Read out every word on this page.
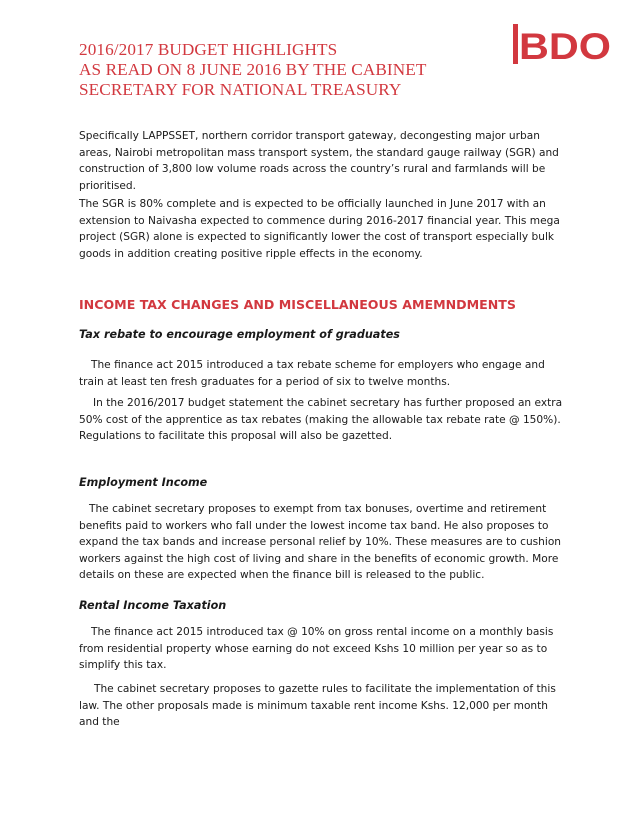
2016/2017 BUDGET HIGHLIGHTS
AS READ ON 8 JUNE 2016 BY THE CABINET
SECRETARY FOR NATIONAL TREASURY
BDO

Specifically LAPPSSET, northern corridor transport gateway, decongesting major urban areas, Nairobi metropolitan mass transport system, the standard gauge railway (SGR) and construction of 3,800 low volume roads across the country’s rural and farmlands will be prioritised.

The SGR is 80% complete and is expected to be officially launched in June 2017 with an extension to Naivasha expected to commence during 2016-2017 financial year. This mega project (SGR) alone is expected to significantly lower the cost of transport especially bulk goods in addition creating positive ripple effects in the economy.

INCOME TAX CHANGES AND MISCELLANEOUS AMEMNDMENTS
Tax rebate to encourage employment of graduates

The finance act 2015 introduced a tax rebate scheme for employers who engage and train at least ten fresh graduates for a period of six to twelve months.

In the 2016/2017 budget statement the cabinet secretary has further proposed an extra 50% cost of the apprentice as tax rebates (making the allowable tax rebate rate @ 150%). Regulations to facilitate this proposal will also be gazetted.

Employment Income

The cabinet secretary proposes to exempt from tax bonuses, overtime and retirement benefits paid to workers who fall under the lowest income tax band. He also proposes to expand the tax bands and increase personal relief by 10%. These measures are to cushion workers against the high cost of living and share in the benefits of economic growth. More details on these are expected when the finance bill is released to the public.

Rental Income Taxation

The finance act 2015 introduced tax @ 10% on gross rental income on a monthly basis from residential property whose earning do not exceed Kshs 10 million per year so as to simplify this tax.

The cabinet secretary proposes to gazette rules to facilitate the implementation of this law. The other proposals made is minimum taxable rent income Kshs. 12,000 per month and the
